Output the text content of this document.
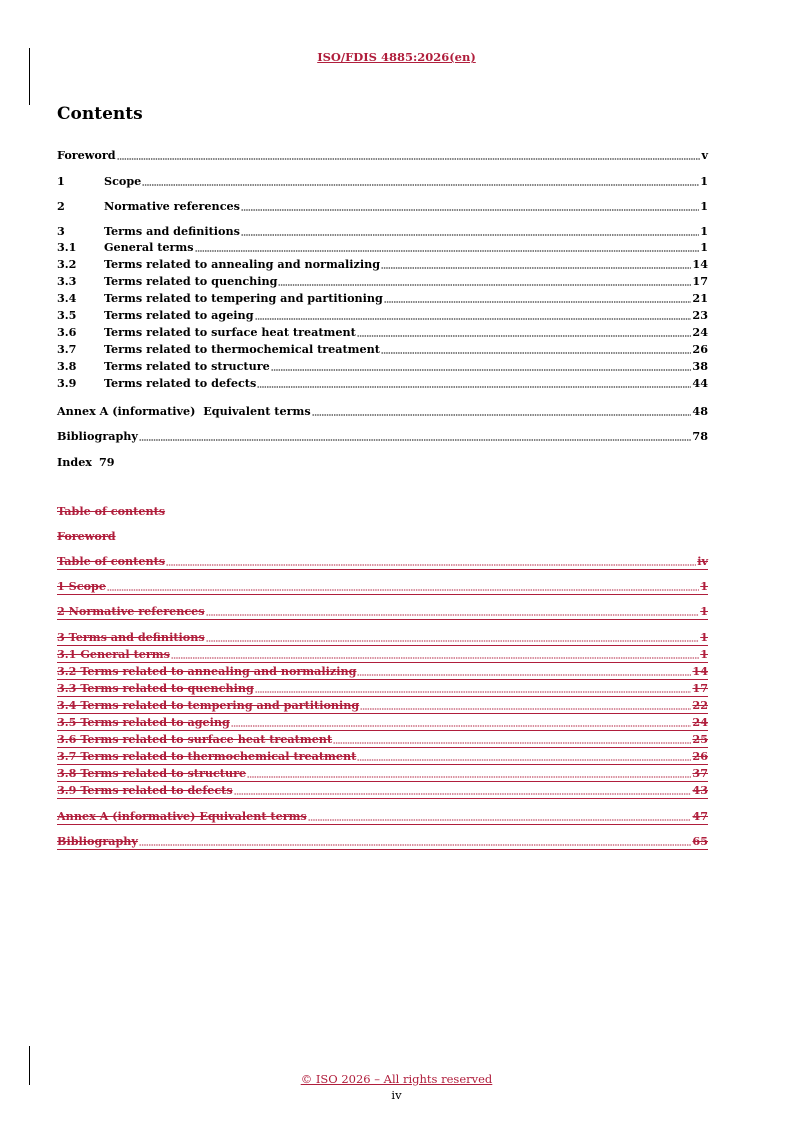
ISO/FDIS 4885:2026(en)
Contents
Foreword	v
1	Scope	1
2	Normative references	1
3	Terms and definitions	1
3.1	General terms	1
3.2	Terms related to annealing and normalizing	14
3.3	Terms related to quenching	17
3.4	Terms related to tempering and partitioning	21
3.5	Terms related to ageing	23
3.6	Terms related to surface heat treatment	24
3.7	Terms related to thermochemical treatment	26
3.8	Terms related to structure	38
3.9	Terms related to defects	44
Annex A (informative)  Equivalent terms	48
Bibliography	78
Index 79
Table of contents
Foreword
Table of contents	iv
1 Scope	1
2 Normative references	1
3 Terms and definitions	1
3.1 General terms	1
3.2 Terms related to annealing and normalizing	14
3.3 Terms related to quenching	17
3.4 Terms related to tempering and partitioning	22
3.5 Terms related to ageing	24
3.6 Terms related to surface heat treatment	25
3.7 Terms related to thermochemical treatment	26
3.8 Terms related to structure	37
3.9 Terms related to defects	43
Annex A (informative) Equivalent terms	47
Bibliography	65
© ISO 2026 – All rights reserved
iv
